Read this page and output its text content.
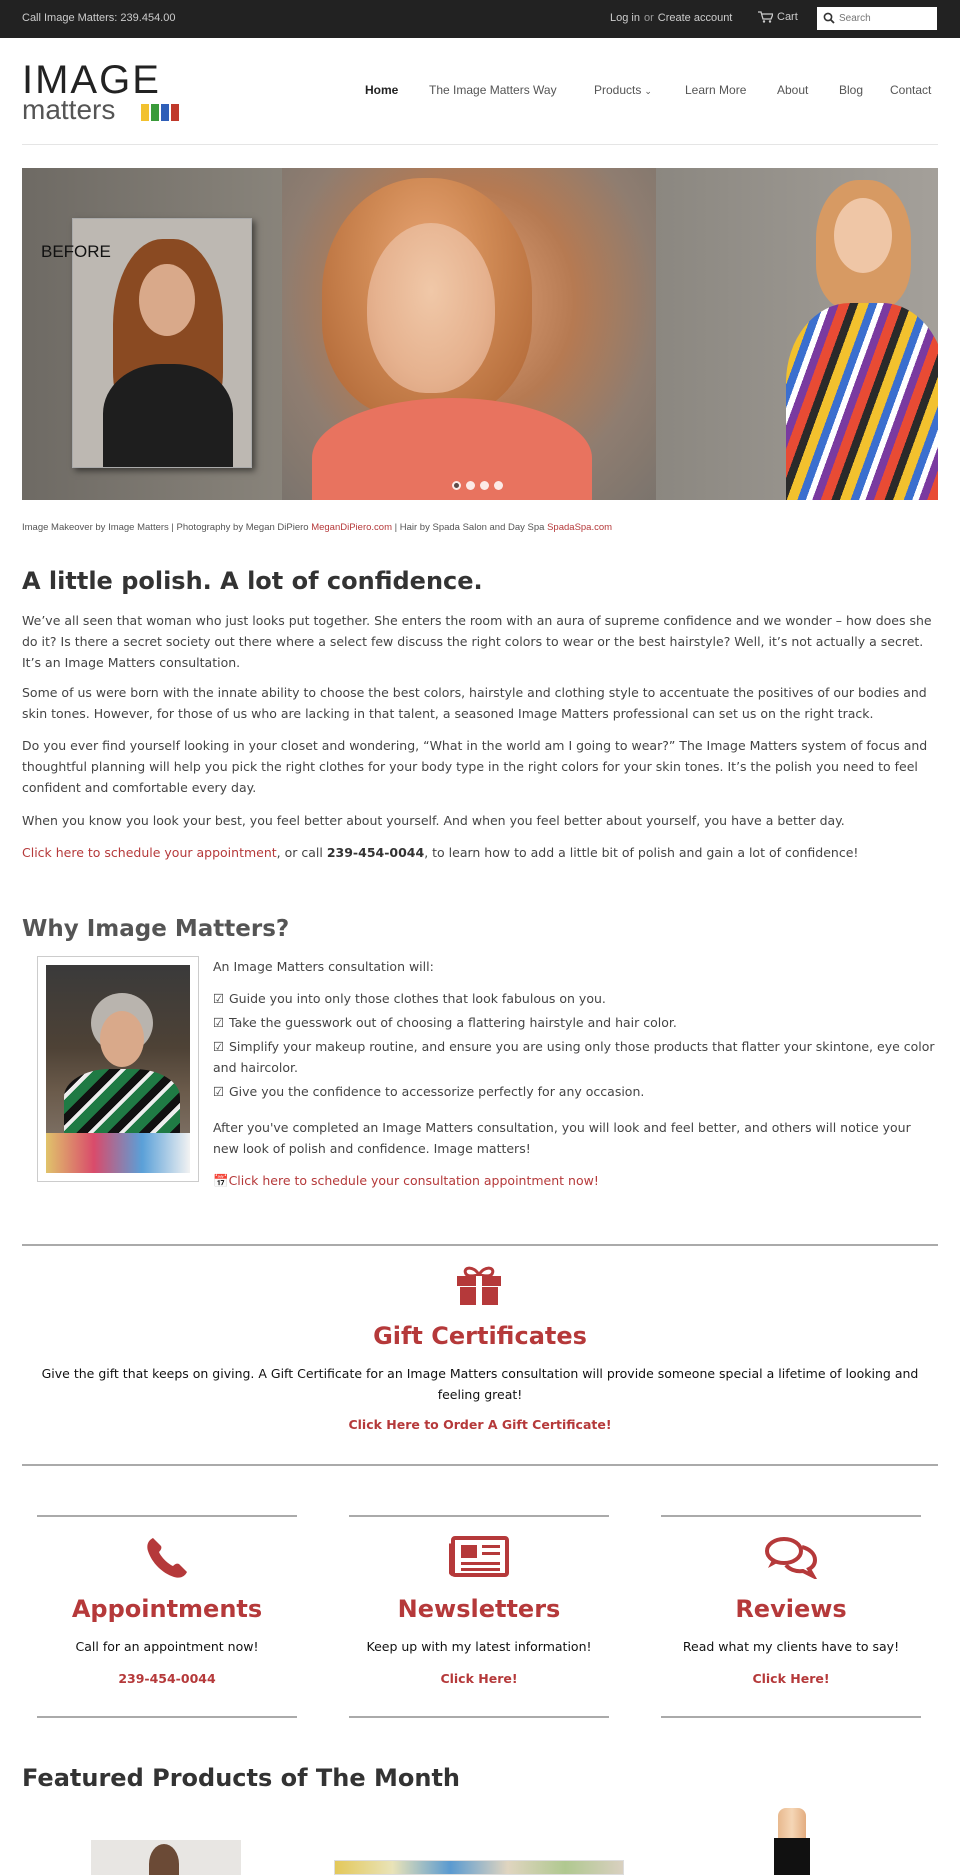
Call Image Matters: 239.454.00	Log in or Create account	Cart
Search
IMAGE
matters
Home	The Image Matters Way	Products ⌄	Learn More	About	Blog Contact
BEFORE
Image Makeover by Image Matters | Photography by Megan DiPiero MeganDiPiero.com | Hair by Spada Salon and Day Spa SpadaSpa.com
A little polish. A lot of confidence.

We’ve all seen that woman who just looks put together. She enters the room with an aura of supreme confidence and we wonder – how does she do it? Is there a secret society out there where a select few discuss the right colors to wear or the best hairstyle? Well, it’s not actually a secret. It’s an Image Matters consultation.

Some of us were born with the innate ability to choose the best colors, hairstyle and clothing style to accentuate the positives of our bodies and skin tones. However, for those of us who are lacking in that talent, a seasoned Image Matters professional can set us on the right track.

Do you ever find yourself looking in your closet and wondering, “What in the world am I going to wear?” The Image Matters system of focus and thoughtful planning will help you pick the right clothes for your body type in the right colors for your skin tones. It’s the polish you need to feel confident and comfortable every day.

When you know you look your best, you feel better about yourself. And when you feel better about yourself, you have a better day.

Click here to schedule your appointment, or call 239-454-0044, to learn how to add a little bit of polish and gain a lot of confidence!

Why Image Matters?
An Image Matters consultation will:
☑ Guide you into only those clothes that look fabulous on you.
☑ Take the guesswork out of choosing a flattering hairstyle and hair color.
☑ Simplify your makeup routine, and ensure you are using only those products that flatter your skintone, eye color and haircolor.
☑ Give you the confidence to accessorize perfectly for any occasion.
After you've completed an Image Matters consultation, you will look and feel better, and others will notice your new look of polish and confidence. Image matters!
📅Click here to schedule your consultation appointment now!
Gift Certificates
Give the gift that keeps on giving. A Gift Certificate for an Image Matters consultation will provide someone special a lifetime of looking and feeling great!
Click Here to Order A Gift Certificate!
Appointments
Call for an appointment now!
239-454-0044
Newsletters
Keep up with my latest information!
Click Here!
Reviews
Read what my clients have to say!
Click Here!
Featured Products of The Month
